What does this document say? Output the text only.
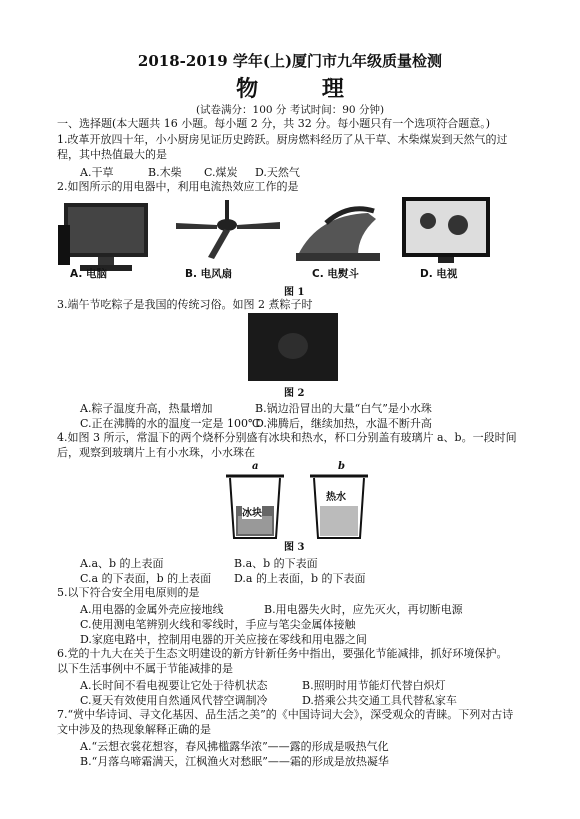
2018-2019 学年(上)厦门市九年级质量检测
物 理
(试卷满分：100 分 考试时间：90 分钟)
一、选择题(本大题共 16 小题。每小题 2 分，共 32 分。每小题只有一个选项符合题意。)
1.改革开放四十年，小小厨房见证历史跨跃。厨房燃料经历了从干草、木柴煤炭到天然气的过
程，其中热值最大的是
A.干草	B.木柴 C.煤炭 D.天然气
2.如图所示的用电器中，利用电流热效应工作的是
A. 电脑	B. 电风扇	C. 电熨斗	D. 电视
图 1
3.端午节吃粽子是我国的传统习俗。如图 2 煮粽子时
图 2
A.粽子温度升高，热量增加	B.锅边沿冒出的大量“白气”是小水珠
C.正在沸腾的水的温度一定是 100℃
D.沸腾后，继续加热，水温不断升高
4.如图 3 所示，常温下的两个烧杯分别盛有冰块和热水，杯口分别盖有玻璃片 a、b。一段时间
后，观察到玻璃片上有小水珠，小水珠在
a	b
冰块
热水
图 3
A.a、b 的上表面	B.a、b 的下表面
C.a 的下表面，b 的上表面 D.a 的上表面，b 的下表面
5.以下符合安全用电原则的是
A.用电器的金属外壳应接地线	B.用电器失火时，应先灭火，再切断电源
C.使用测电笔辨别火线和零线时，手应与笔尖金属体接触
D.家庭电路中，控制用电器的开关应接在零线和用电器之间
6.党的十九大在关于生态文明建设的新方针新任务中指出，要强化节能减排，抓好环境保护。
以下生活事例中不属于节能减排的是
A.长时间不看电视要让它处于待机状态	B.照明时用节能灯代替白炽灯
C.夏天有效使用自然通风代替空调制冷	D.搭乘公共交通工具代替私家车
7.“赏中华诗词、寻文化基因、品生活之美”的《中国诗词大会》，深受观众的青睐。下列对古诗
文中涉及的热现象解释正确的是
A.“云想衣裳花想容，春风拂槛露华浓”——露的形成是吸热气化
B.“月落乌啼霜满天，江枫渔火对愁眠”——霜的形成是放热凝华
